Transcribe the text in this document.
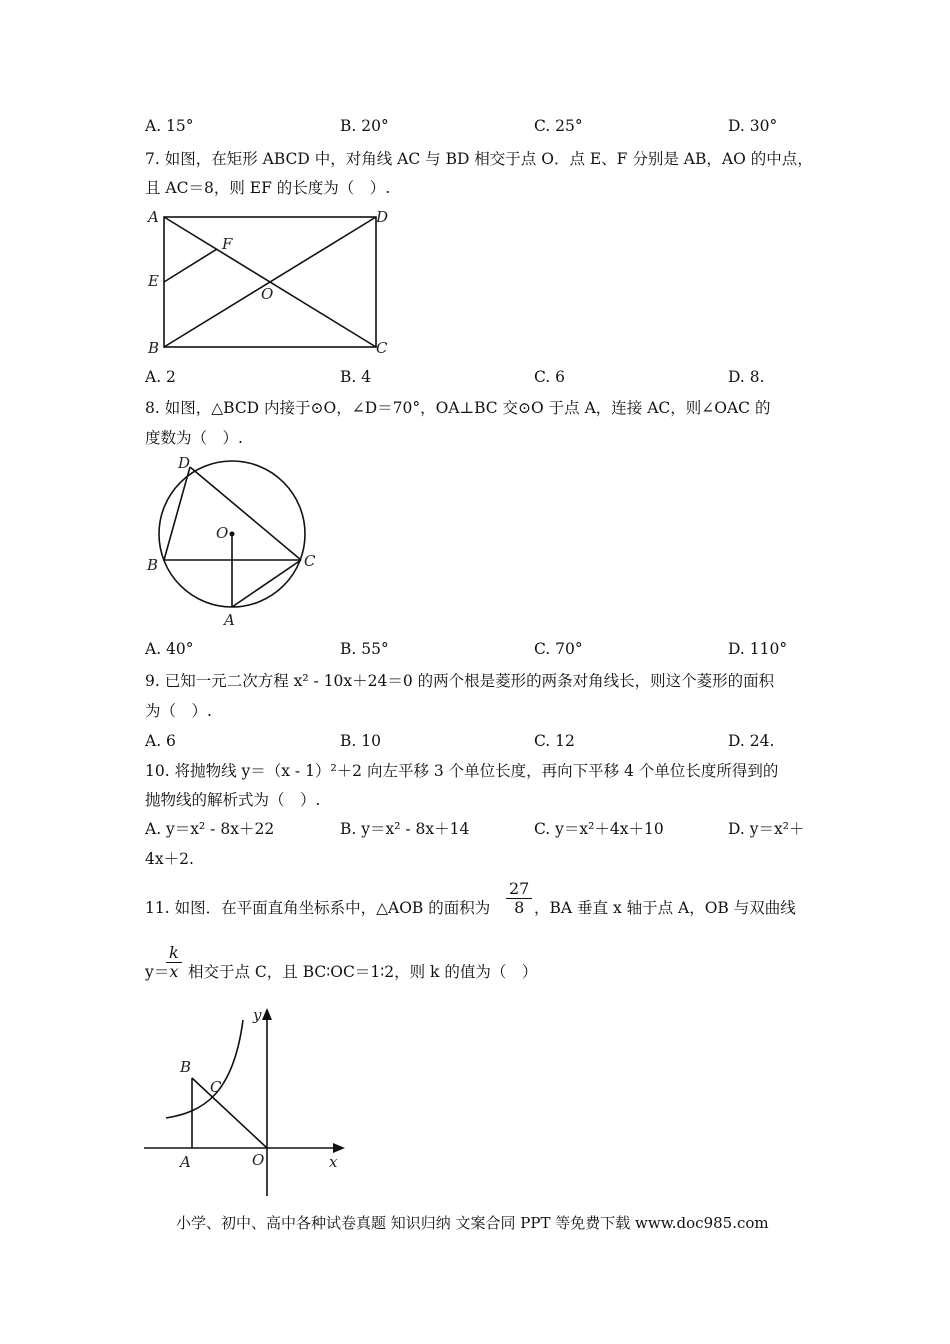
A. 15°	B. 20°	C. 25°	D. 30°
7. 如图，在矩形 ABCD 中，对角线 AC 与 BD 相交于点 O．点 E、F 分别是 AB，AO 的中点，
且 AC＝8，则 EF 的长度为（　）.
A	D
E
F
O
B	C
A. 2	B. 4	C. 6	D. 8.
8. 如图，△BCD 内接于⊙O，∠D＝70°，OA⊥BC 交⊙O 于点 A，连接 AC，则∠OAC 的
度数为（　）.
D
O
B	C
A
A. 40°	B. 55°	C. 70°	D. 110°
9. 已知一元二次方程 x² - 10x＋24＝0 的两个根是菱形的两条对角线长，则这个菱形的面积
为（　）.
A. 6	B. 10	C. 12	D. 24.
10. 将抛物线 y＝（x - 1）²＋2 向左平移 3 个单位长度，再向下平移 4 个单位长度所得到的
抛物线的解析式为（　）.
A. y＝x² - 8x＋22	B. y＝x² - 8x＋14	C. y＝x²＋4x＋10	D. y＝x²＋
4x＋2.
11. 如图．在平面直角坐标系中，△AOB 的面积为 $\frac{27}{8}$ ，BA 垂直 x 轴于点 A，OB 与双曲线
y＝
$\frac{k}{x}$ 相交于点 C，且 BC∶OC＝1∶2，则 k 的值为（　）
y
B
C
A	O	x
小学、初中、高中各种试卷真题 知识归纳 文案合同 PPT 等免费下载 www.doc985.com
